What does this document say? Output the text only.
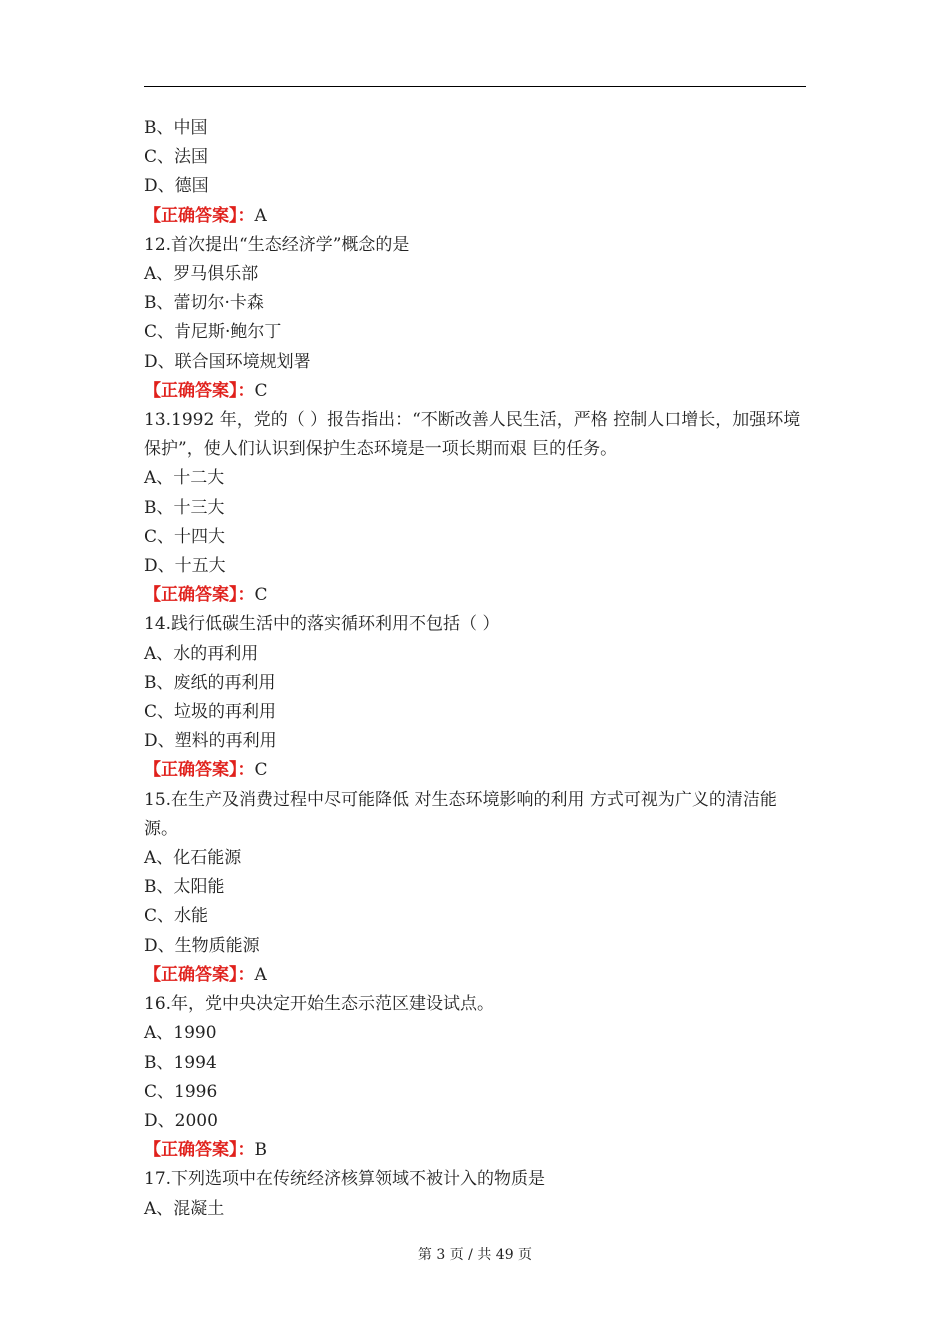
B、中国
C、法国
D、德国
【正确答案】：A
12.首次提出“生态经济学”概念的是
A、罗马俱乐部
B、蕾切尔·卡森
C、肯尼斯·鲍尔丁
D、联合国环境规划署
【正确答案】：C
13.1992 年，党的（ ）报告指出：“不断改善人民生活，严格 控制人口增长，加强环境保护”，使人们认识到保护生态环境是一项长期而艰 巨的任务。
A、十二大
B、十三大
C、十四大
D、十五大
【正确答案】：C
14.践行低碳生活中的落实循环利用不包括（ ）
A、水的再利用
B、废纸的再利用
C、垃圾的再利用
D、塑料的再利用
【正确答案】：C
15.在生产及消费过程中尽可能降低 对生态环境影响的利用 方式可视为广义的清洁能源。
A、化石能源
B、太阳能
C、水能
D、生物质能源
【正确答案】：A
16.年，党中央决定开始生态示范区建设试点。
A、1990
B、1994
C、1996
D、2000
【正确答案】：B
17.下列选项中在传统经济核算领域不被计入的物质是
A、混凝土
第 3 页 / 共 49 页
